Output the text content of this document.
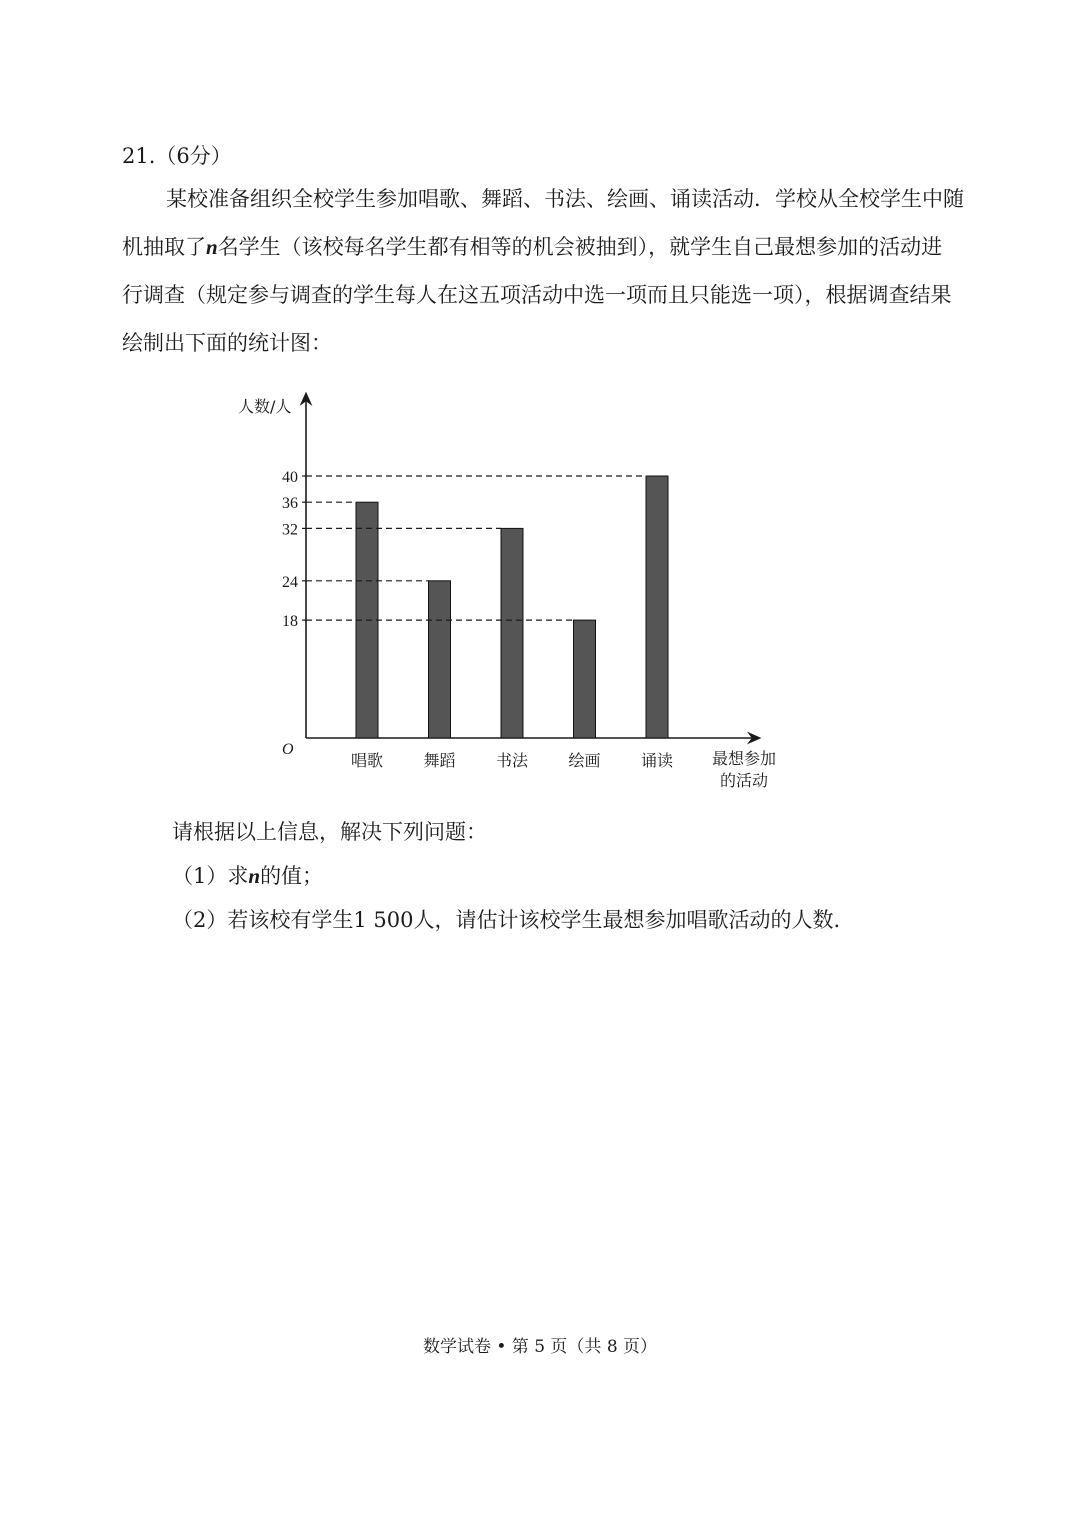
21.（6分）
某校准备组织全校学生参加唱歌、舞蹈、书法、绘画、诵读活动．学校从全校学生中随
机抽取了n名学生（该校每名学生都有相等的机会被抽到），就学生自己最想参加的活动进
行调查（规定参与调查的学生每人在这五项活动中选一项而且只能选一项），根据调查结果
绘制出下面的统计图：
人数/人
O
唱歌	舞蹈	书法	绘画	诵读
18
24
32
36
40
最想参加
的活动
请根据以上信息，解决下列问题：
（1）求n的值；
（2）若该校有学生1 500人，请估计该校学生最想参加唱歌活动的人数.
数学试卷 • 第 5 页（共 8 页）
